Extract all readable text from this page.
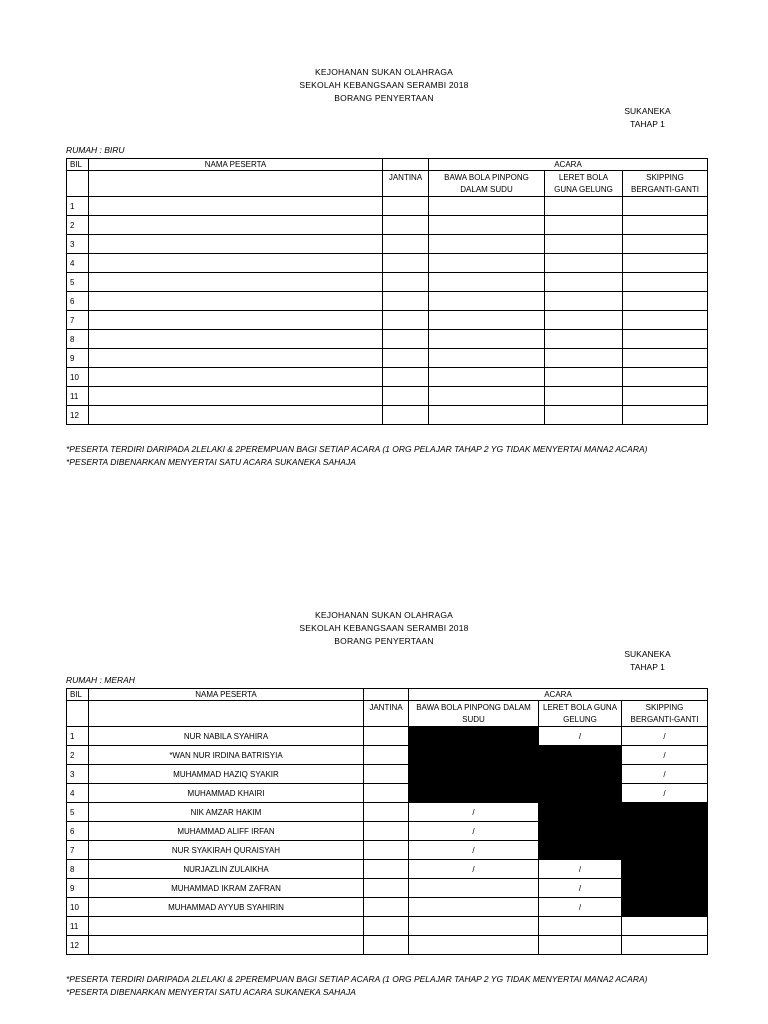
KEJOHANAN SUKAN OLAHRAGA
SEKOLAH KEBANGSAAN SERAMBI 2018
BORANG PENYERTAAN
SUKANEKA
TAHAP 1
RUMAH : BIRU
BIL	NAMA PESERTA		ACARA		
		JANTINA	BAWA BOLA PINPONG DALAM SUDU	LERET BOLA GUNA GELUNG	SKIPPING BERGANTI-GANTI
1					
2					
3					
4					
5					
6					
7					
8					
9					
10					
11					
12					
*PESERTA TERDIRI DARIPADA 2LELAKI & 2PEREMPUAN BAGI SETIAP ACARA (1 ORG PELAJAR TAHAP 2 YG TIDAK MENYERTAI MANA2 ACARA)
*PESERTA DIBENARKAN MENYERTAI SATU ACARA SUKANEKA SAHAJA
KEJOHANAN SUKAN OLAHRAGA
SEKOLAH KEBANGSAAN SERAMBI 2018
BORANG PENYERTAAN
SUKANEKA
TAHAP 1
RUMAH : MERAH
BIL	NAMA PESERTA		ACARA		
		JANTINA	BAWA BOLA PINPONG DALAM SUDU	LERET BOLA GUNA GELUNG	SKIPPING BERGANTI-GANTI
1	NUR NABILA SYAHIRA			/	/
2	*WAN NUR IRDINA BATRISYIA				/
3	MUHAMMAD HAZIQ SYAKIR				/
4	MUHAMMAD KHAIRI				/
5	NIK AMZAR HAKIM		/		
6	MUHAMMAD ALIFF IRFAN		/		
7	NUR SYAKIRAH QURAISYAH		/		
8	NURJAZLIN ZULAIKHA		/	/	
9	MUHAMMAD IKRAM ZAFRAN			/	
10	MUHAMMAD AYYUB SYAHIRIN			/	
11					
12					
*PESERTA TERDIRI DARIPADA 2LELAKI & 2PEREMPUAN BAGI SETIAP ACARA (1 ORG PELAJAR TAHAP 2 YG TIDAK MENYERTAI MANA2 ACARA)
*PESERTA DIBENARKAN MENYERTAI SATU ACARA SUKANEKA SAHAJA
